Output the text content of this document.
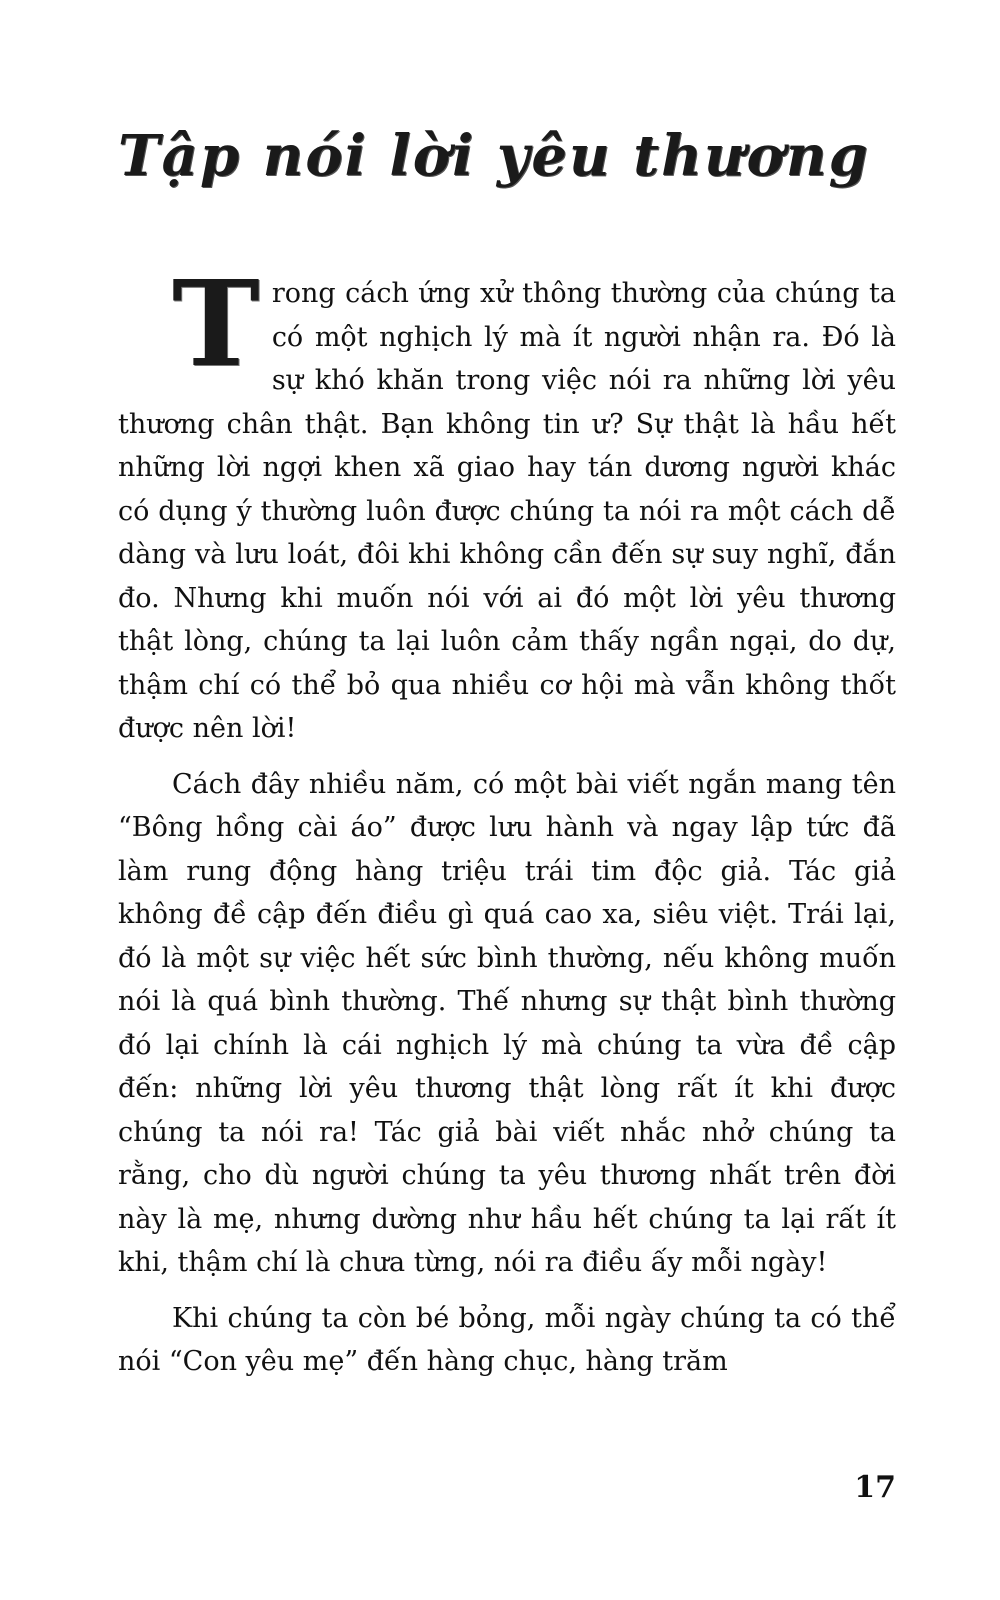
Tập nói lời yêu thương

Trong cách ứng xử thông thường của chúng ta có một nghịch lý mà ít người nhận ra. Đó là sự khó khăn trong việc nói ra những lời yêu thương chân thật. Bạn không tin ư? Sự thật là hầu hết những lời ngợi khen xã giao hay tán dương người khác có dụng ý thường luôn được chúng ta nói ra một cách dễ dàng và lưu loát, đôi khi không cần đến sự suy nghĩ, đắn đo. Nhưng khi muốn nói với ai đó một lời yêu thương thật lòng, chúng ta lại luôn cảm thấy ngần ngại, do dự, thậm chí có thể bỏ qua nhiều cơ hội mà vẫn không thốt được nên lời!

Cách đây nhiều năm, có một bài viết ngắn mang tên “Bông hồng cài áo” được lưu hành và ngay lập tức đã làm rung động hàng triệu trái tim độc giả. Tác giả không đề cập đến điều gì quá cao xa, siêu việt. Trái lại, đó là một sự việc hết sức bình thường, nếu không muốn nói là quá bình thường. Thế nhưng sự thật bình thường đó lại chính là cái nghịch lý mà chúng ta vừa đề cập đến: những lời yêu thương thật lòng rất ít khi được chúng ta nói ra! Tác giả bài viết nhắc nhở chúng ta rằng, cho dù người chúng ta yêu thương nhất trên đời này là mẹ, nhưng dường như hầu hết chúng ta lại rất ít khi, thậm chí là chưa từng, nói ra điều ấy mỗi ngày!

Khi chúng ta còn bé bỏng, mỗi ngày chúng ta có thể nói “Con yêu mẹ” đến hàng chục, hàng trăm

17
